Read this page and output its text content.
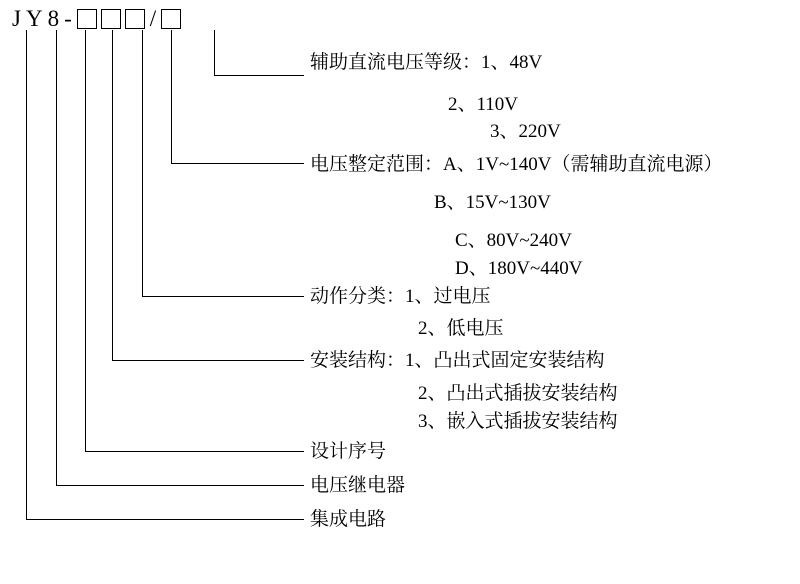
J Y 8 -	/
辅助直流电压等级：1、48V
2、110V
3、220V
电压整定范围：A、1V~140V（需辅助直流电源）
B、15V~130V
C、80V~240V
D、180V~440V
动作分类：1、过电压
2、低电压
安装结构：1、凸出式固定安装结构
2、凸出式插拔安装结构
3、嵌入式插拔安装结构
设计序号
电压继电器
集成电路
